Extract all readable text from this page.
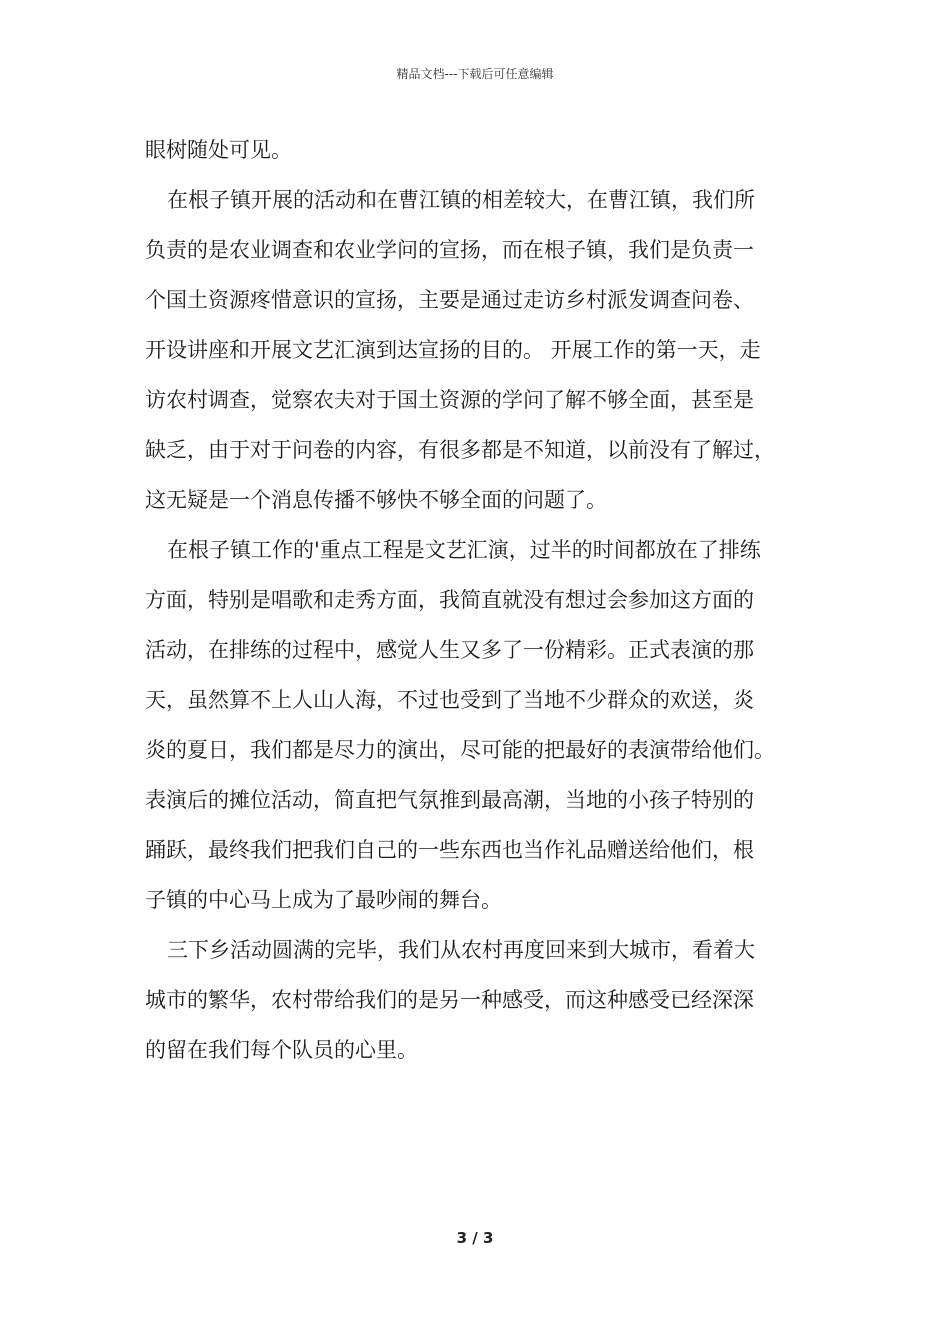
精品文档---下载后可任意编辑
眼树随处可见。
在根子镇开展的活动和在曹江镇的相差较大，在曹江镇，我们所
负责的是农业调查和农业学问的宣扬，而在根子镇，我们是负责一
个国土资源疼惜意识的宣扬，主要是通过走访乡村派发调查问卷、
开设讲座和开展文艺汇演到达宣扬的目的。 开展工作的第一天，走
访农村调查，觉察农夫对于国土资源的学问了解不够全面，甚至是
缺乏，由于对于问卷的内容，有很多都是不知道，以前没有了解过，
这无疑是一个消息传播不够快不够全面的问题了。
在根子镇工作的'重点工程是文艺汇演，过半的时间都放在了排练
方面，特别是唱歌和走秀方面，我简直就没有想过会参加这方面的
活动，在排练的过程中，感觉人生又多了一份精彩。正式表演的那
天，虽然算不上人山人海，不过也受到了当地不少群众的欢送，炎
炎的夏日，我们都是尽力的演出，尽可能的把最好的表演带给他们。
表演后的摊位活动，简直把气氛推到最高潮，当地的小孩子特别的
踊跃，最终我们把我们自己的一些东西也当作礼品赠送给他们，根
子镇的中心马上成为了最吵闹的舞台。
三下乡活动圆满的完毕，我们从农村再度回来到大城市，看着大
城市的繁华，农村带给我们的是另一种感受，而这种感受已经深深
的留在我们每个队员的心里。
3 / 3
